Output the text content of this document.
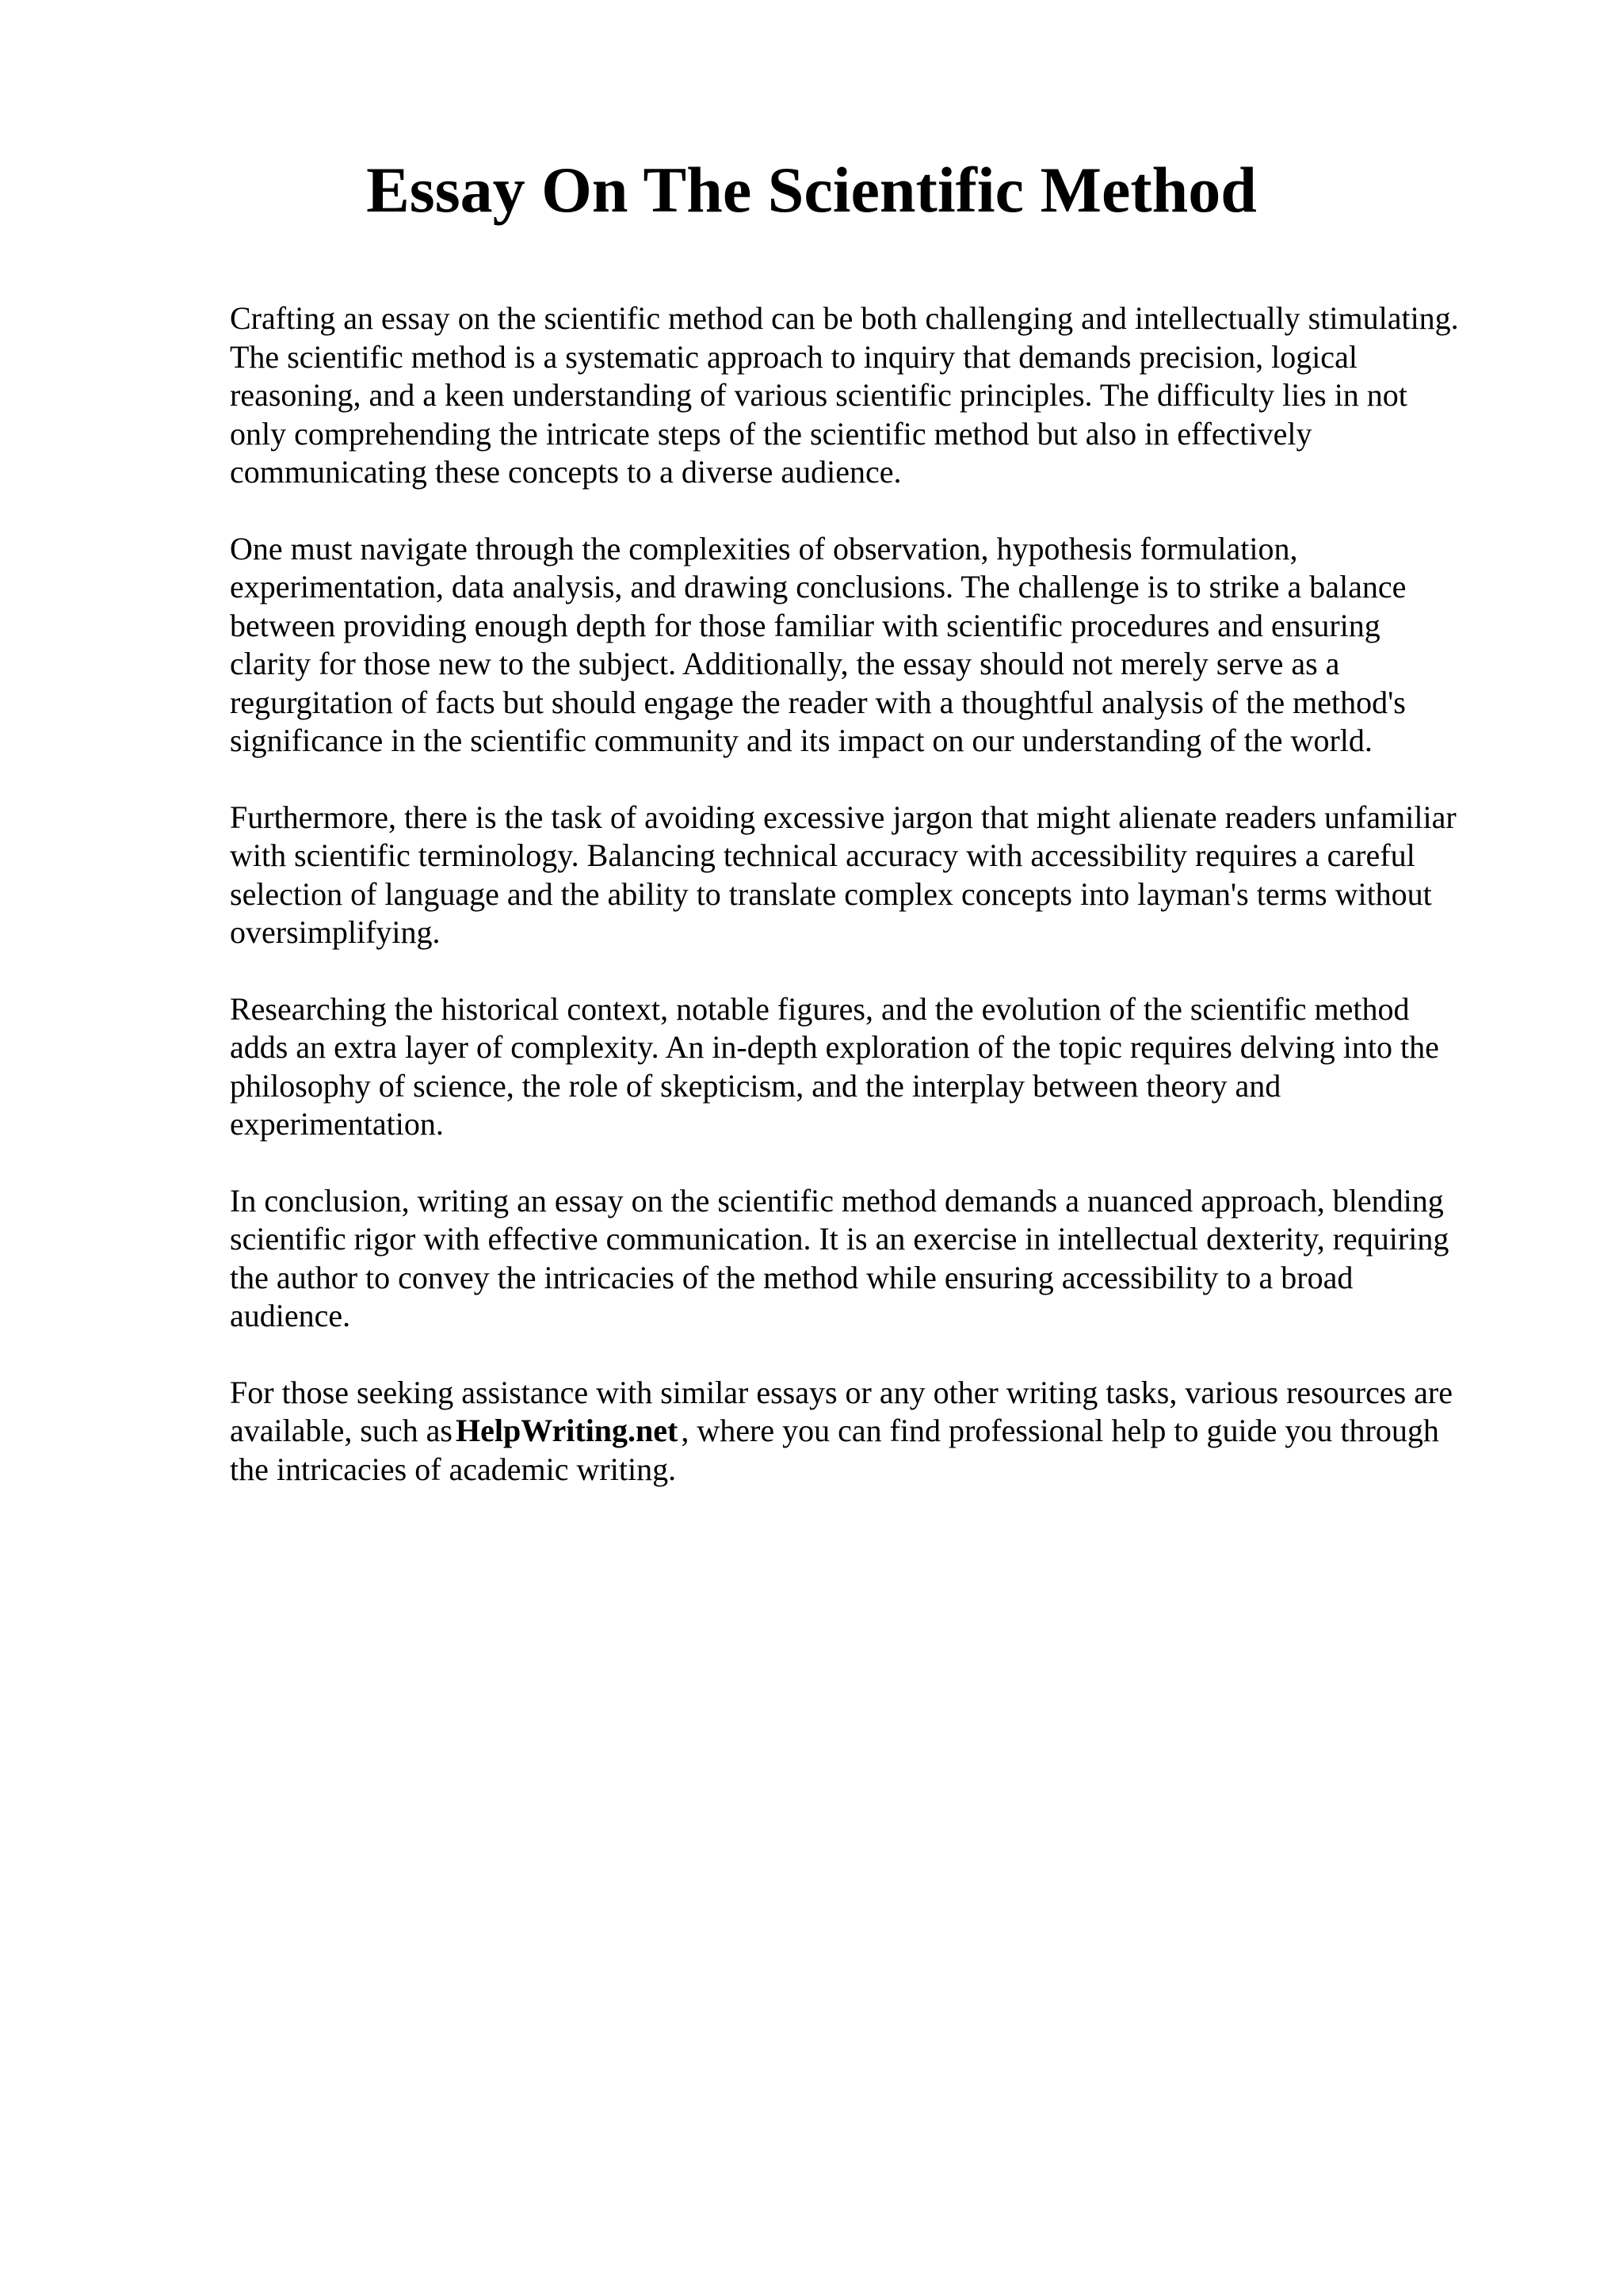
Essay On The Scientific Method

Crafting an essay on the scientific method can be both challenging and intellectually stimulating.
The scientific method is a systematic approach to inquiry that demands precision, logical
reasoning, and a keen understanding of various scientific principles. The difficulty lies in not
only comprehending the intricate steps of the scientific method but also in effectively
communicating these concepts to a diverse audience.

One must navigate through the complexities of observation, hypothesis formulation,
experimentation, data analysis, and drawing conclusions. The challenge is to strike a balance
between providing enough depth for those familiar with scientific procedures and ensuring
clarity for those new to the subject. Additionally, the essay should not merely serve as a
regurgitation of facts but should engage the reader with a thoughtful analysis of the method's
significance in the scientific community and its impact on our understanding of the world.

Furthermore, there is the task of avoiding excessive jargon that might alienate readers unfamiliar
with scientific terminology. Balancing technical accuracy with accessibility requires a careful
selection of language and the ability to translate complex concepts into layman's terms without
oversimplifying.

Researching the historical context, notable figures, and the evolution of the scientific method
adds an extra layer of complexity. An in-depth exploration of the topic requires delving into the
philosophy of science, the role of skepticism, and the interplay between theory and
experimentation.

In conclusion, writing an essay on the scientific method demands a nuanced approach, blending
scientific rigor with effective communication. It is an exercise in intellectual dexterity, requiring
the author to convey the intricacies of the method while ensuring accessibility to a broad
audience.

For those seeking assistance with similar essays or any other writing tasks, various resources are
available, such as HelpWriting.net , where you can find professional help to guide you through
the intricacies of academic writing.
